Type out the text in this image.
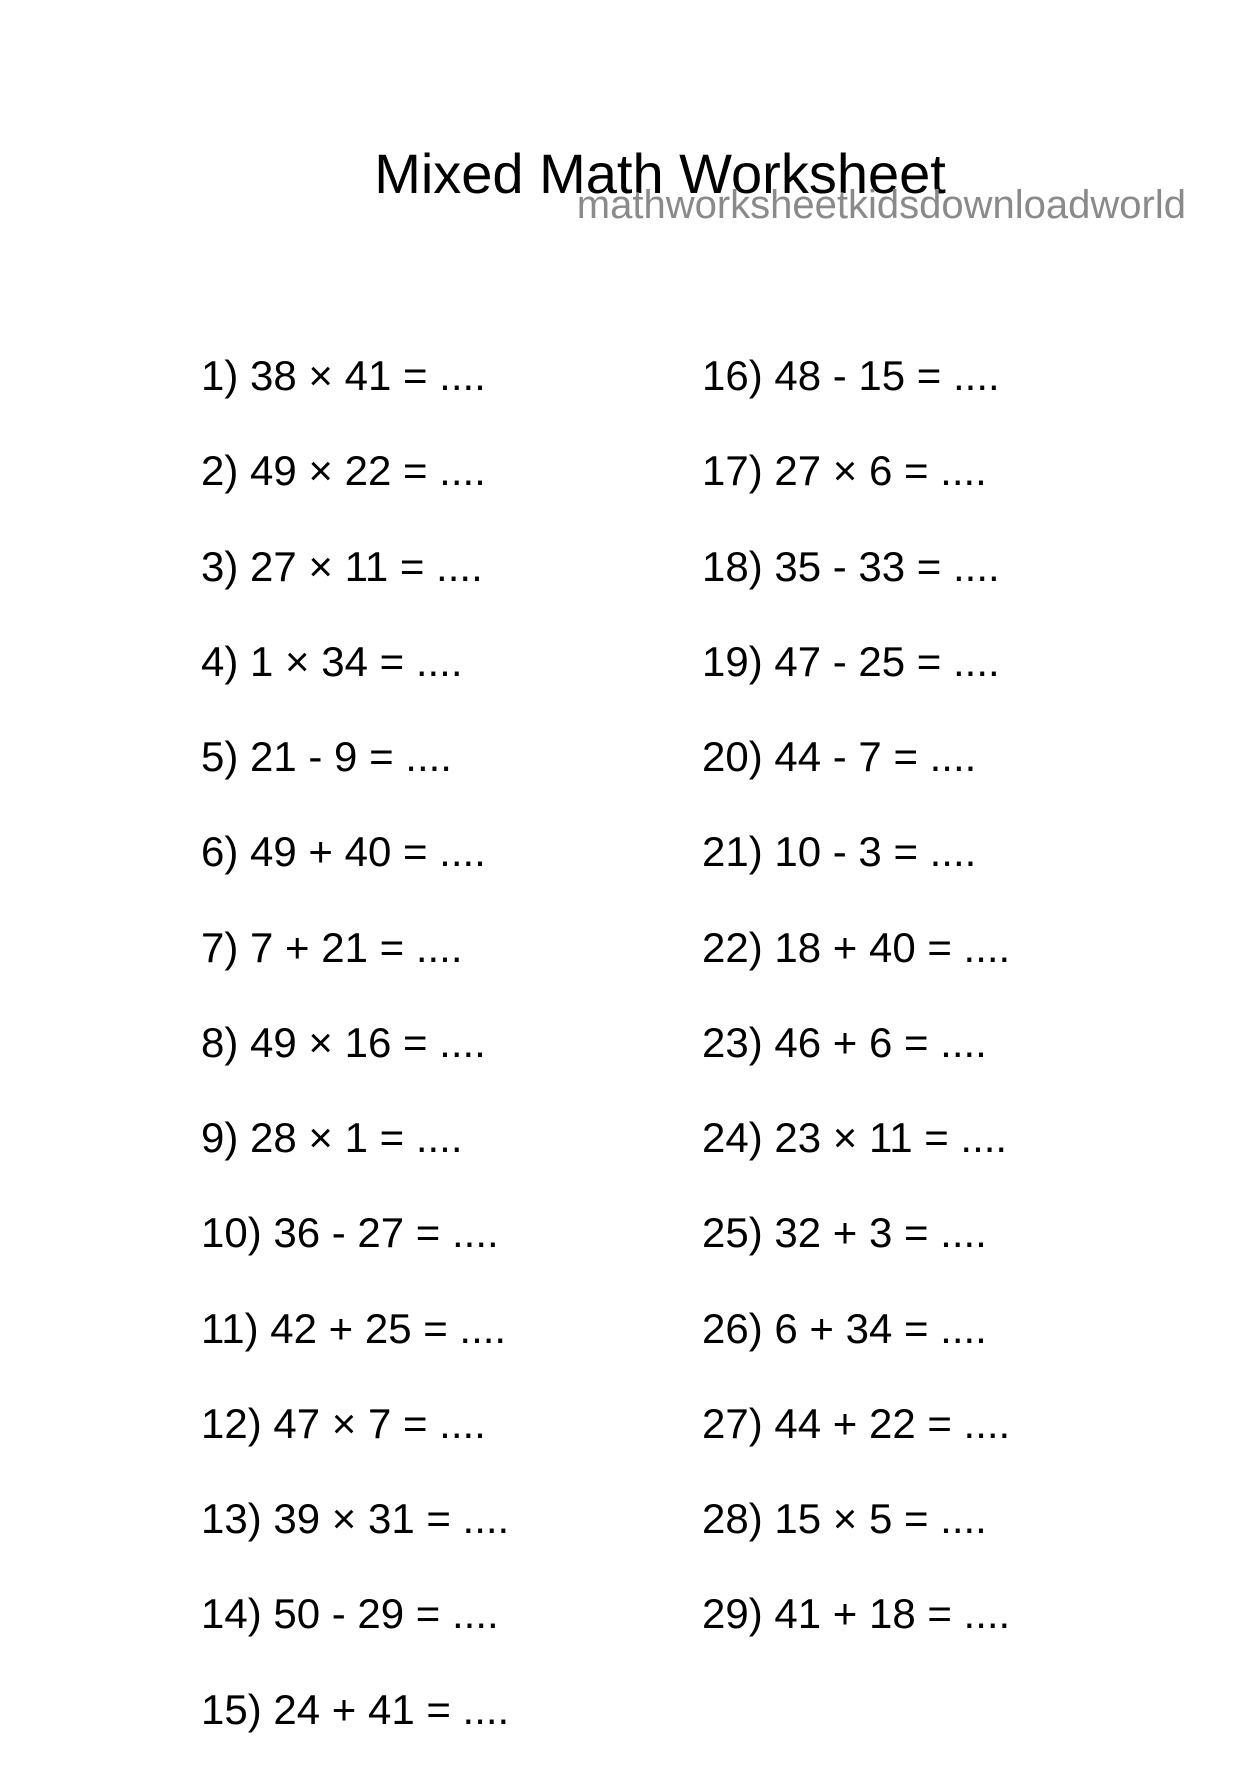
Mixed Math Worksheet
mathworksheetkidsdownloadworld
1) 38 × 41 = ....
2) 49 × 22 = ....
3) 27 × 11 = ....
4) 1 × 34 = ....
5) 21 - 9 = ....
6) 49 + 40 = ....
7) 7 + 21 = ....
8) 49 × 16 = ....
9) 28 × 1 = ....
10) 36 - 27 = ....
11) 42 + 25 = ....
12) 47 × 7 = ....
13) 39 × 31 = ....
14) 50 - 29 = ....
15) 24 + 41 = ....
16) 48 - 15 = ....
17) 27 × 6 = ....
18) 35 - 33 = ....
19) 47 - 25 = ....
20) 44 - 7 = ....
21) 10 - 3 = ....
22) 18 + 40 = ....
23) 46 + 6 = ....
24) 23 × 11 = ....
25) 32 + 3 = ....
26) 6 + 34 = ....
27) 44 + 22 = ....
28) 15 × 5 = ....
29) 41 + 18 = ....
